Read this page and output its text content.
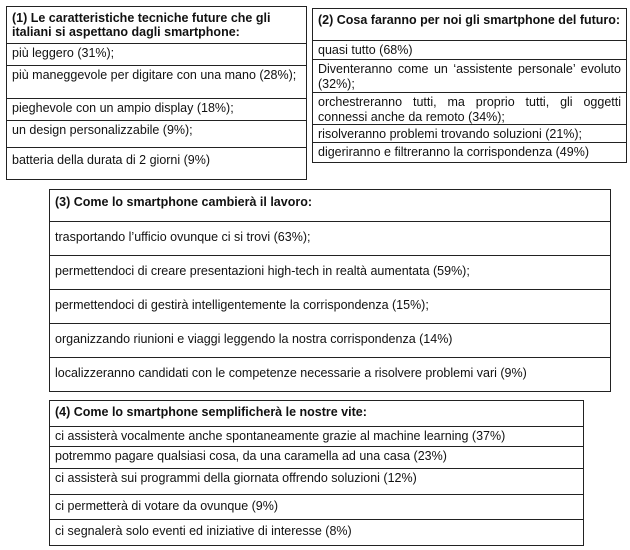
(1) Le caratteristiche tecniche future che gli italiani si aspettano dagli smartphone:
più leggero (31%);
più maneggevole per digitare con una mano (28%);
pieghevole con un ampio display (18%);
un design personalizzabile (9%);
batteria della durata di 2 giorni (9%)
(2) Cosa faranno per noi gli smartphone del futuro:
quasi tutto (68%)
Diventeranno come un ‘assistente personale’ evoluto (32%);
orchestreranno tutti, ma proprio tutti, gli oggetti connessi anche da remoto (34%);
risolveranno problemi trovando soluzioni (21%);
digeriranno e filtreranno la corrispondenza (49%)
(3) Come lo smartphone cambierà il lavoro:
trasportando l’ufficio ovunque ci si trovi (63%);
permettendoci di creare presentazioni high-tech in realtà aumentata (59%);
permettendoci di gestirà intelligentemente la corrispondenza (15%);
organizzando riunioni e viaggi leggendo la nostra corrispondenza (14%)
localizzeranno candidati con le competenze necessarie a risolvere problemi vari (9%)
(4) Come lo smartphone semplificherà le nostre vite:
ci assisterà vocalmente anche spontaneamente grazie al machine learning (37%)
potremmo pagare qualsiasi cosa, da una caramella ad una casa (23%)
ci assisterà sui programmi della giornata offrendo soluzioni (12%)
ci permetterà di votare da ovunque (9%)
ci segnalerà solo eventi ed iniziative di interesse (8%)
